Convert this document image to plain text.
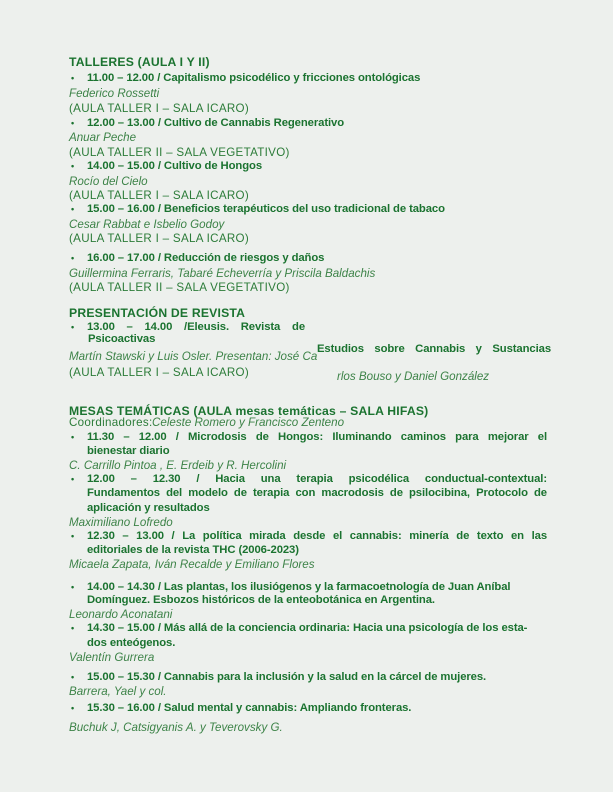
TALLERES (AULA I Y II)
• 11.00 – 12.00 / Capitalismo psicodélico y fricciones ontológicas
Federico Rossetti
(AULA TALLER I – SALA ICARO)
• 12.00 – 13.00 / Cultivo de Cannabis Regenerativo
Anuar Peche
(AULA TALLER II – SALA VEGETATIVO)
• 14.00 – 15.00 / Cultivo de Hongos
Rocío del Cielo
(AULA TALLER I – SALA ICARO)
• 15.00 – 16.00 / Beneficios terapéuticos del uso tradicional de tabaco
Cesar Rabbat e Isbelio Godoy
(AULA TALLER I – SALA ICARO)
• 16.00 – 17.00 / Reducción de riesgos y daños
Guillermina Ferraris, Tabaré Echeverría y Priscila Baldachis
(AULA TALLER II – SALA VEGETATIVO)
PRESENTACIÓN DE REVISTA
• 13.00 – 14.00 /Eleusis. Revista de
Psicoactivas
Estudios sobre Cannabis y Sustancias
Martín Stawski y Luis Osler. Presentan: José Ca
(AULA TALLER I – SALA ICARO)	rlos Bouso y Daniel González
MESAS TEMÁTICAS (AULA mesas temáticas – SALA HIFAS)
Coordinadores: Celeste Romero y Francisco Zenteno
• 11.30 – 12.00 / Microdosis de Hongos: Iluminando caminos para mejorar el
bienestar diario
C. Carrillo Pintoa , E. Erdeib y R. Hercolini
• 12.00 – 12.30 / Hacia una terapia psicodélica conductual-contextual:
Fundamentos del modelo de terapia con macrodosis de psilocibina, Protocolo de
aplicación y resultados
Maximiliano Lofredo
• 12.30 – 13.00 / La política mirada desde el cannabis: minería de texto en las
editoriales de la revista THC (2006-2023)
Micaela Zapata, Iván Recalde y Emiliano Flores
• 14.00 – 14.30 / Las plantas, los ilusiógenos y la farmacoetnología de Juan Aníbal
Domínguez. Esbozos históricos de la enteobotánica en Argentina.
Leonardo Aconatani
• 14.30 – 15.00 / Más allá de la conciencia ordinaria: Hacia una psicología de los esta-
dos enteógenos.
Valentín Gurrera
• 15.00 – 15.30 / Cannabis para la inclusión y la salud en la cárcel de mujeres.
Barrera, Yael y col.
• 15.30 – 16.00 / Salud mental y cannabis: Ampliando fronteras.
Buchuk J, Catsigyanis A. y Teverovsky G.
